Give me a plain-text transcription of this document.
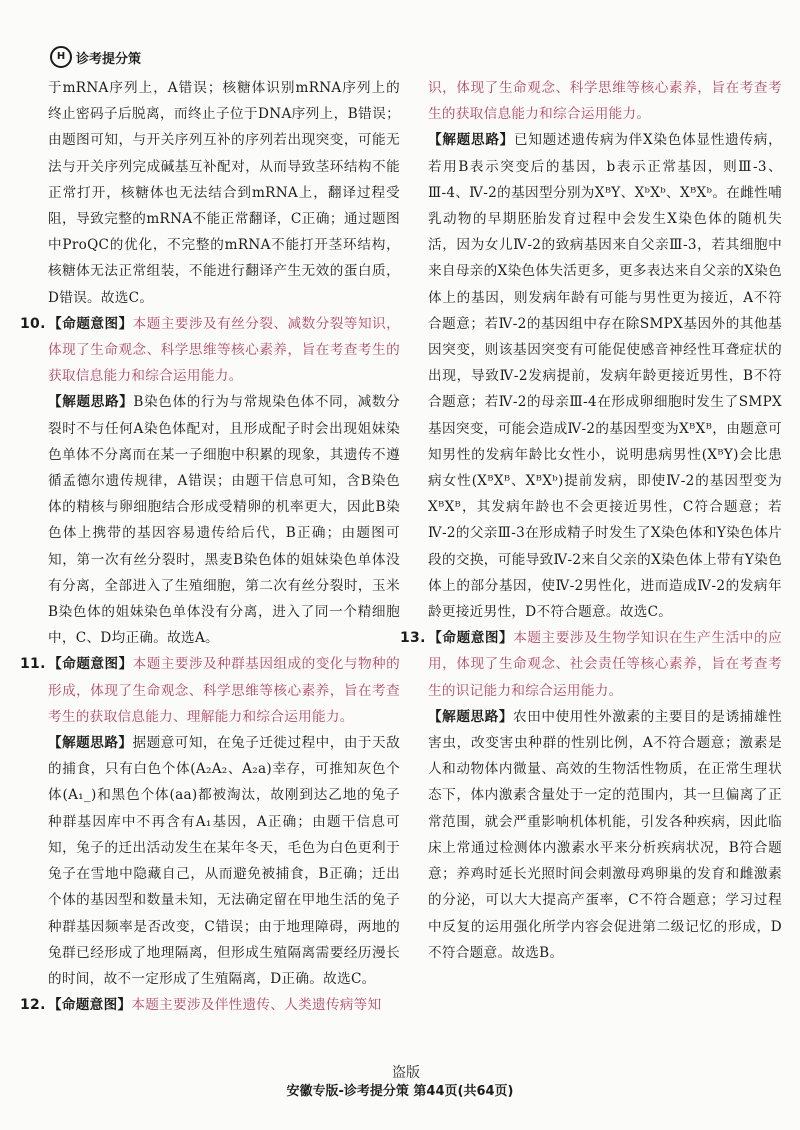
H 诊考提分策

于mRNA序列上，A错误；核糖体识别mRNA序列上的终止密码子后脱离，而终止子位于DNA序列上，B错误；由题图可知，与开关序列互补的序列若出现突变，可能无法与开关序列完成碱基互补配对，从而导致茎环结构不能正常打开，核糖体也无法结合到mRNA上，翻译过程受阻，导致完整的mRNA不能正常翻译，C正确；通过题图中ProQC的优化，不完整的mRNA不能打开茎环结构，核糖体无法正常组装，不能进行翻译产生无效的蛋白质，D错误。故选C。

10. 【命题意图】本题主要涉及有丝分裂、减数分裂等知识，体现了生命观念、科学思维等核心素养，旨在考查考生的获取信息能力和综合运用能力。

【解题思路】B染色体的行为与常规染色体不同，减数分裂时不与任何A染色体配对，且形成配子时会出现姐妹染色单体不分离而在某一子细胞中积累的现象，其遗传不遵循孟德尔遗传规律，A错误；由题干信息可知，含B染色体的精核与卵细胞结合形成受精卵的机率更大，因此B染色体上携带的基因容易遗传给后代，B正确；由题图可知，第一次有丝分裂时，黑麦B染色体的姐妹染色单体没有分离，全部进入了生殖细胞，第二次有丝分裂时，玉米B染色体的姐妹染色单体没有分离，进入了同一个精细胞中，C、D均正确。故选A。

11. 【命题意图】本题主要涉及种群基因组成的变化与物种的形成，体现了生命观念、科学思维等核心素养，旨在考查考生的获取信息能力、理解能力和综合运用能力。

【解题思路】据题意可知，在兔子迁徙过程中，由于天敌的捕食，只有白色个体(A₂A₂、A₂a)幸存，可推知灰色个体(A₁_)和黑色个体(aa)都被淘汰，故刚到达乙地的兔子种群基因库中不再含有A₁基因，A正确；由题干信息可知，兔子的迁出活动发生在某年冬天，毛色为白色更利于兔子在雪地中隐藏自己，从而避免被捕食，B正确；迁出个体的基因型和数量未知，无法确定留在甲地生活的兔子种群基因频率是否改变，C错误；由于地理障碍，两地的兔群已经形成了地理隔离，但形成生殖隔离需要经历漫长的时间，故不一定形成了生殖隔离，D正确。故选C。

12. 【命题意图】本题主要涉及伴性遗传、人类遗传病等知

识，体现了生命观念、科学思维等核心素养，旨在考查考生的获取信息能力和综合运用能力。

【解题思路】已知题述遗传病为伴X染色体显性遗传病，若用B表示突变后的基因，b表示正常基因，则Ⅲ-3、Ⅲ-4、Ⅳ-2的基因型分别为XᴮY、XᵇXᵇ、XᴮXᵇ。在雌性哺乳动物的早期胚胎发育过程中会发生X染色体的随机失活，因为女儿Ⅳ-2的致病基因来自父亲Ⅲ-3，若其细胞中来自母亲的X染色体失活更多，更多表达来自父亲的X染色体上的基因，则发病年龄有可能与男性更为接近，A不符合题意；若Ⅳ-2的基因组中存在除SMPX基因外的其他基因突变，则该基因突变有可能促使感音神经性耳聋症状的出现，导致Ⅳ-2发病提前，发病年龄更接近男性，B不符合题意；若Ⅳ-2的母亲Ⅲ-4在形成卵细胞时发生了SMPX基因突变，可能会造成Ⅳ-2的基因型变为XᴮXᴮ，由题意可知男性的发病年龄比女性小，说明患病男性(XᴮY)会比患病女性(XᴮXᴮ、XᴮXᵇ)提前发病，即使Ⅳ-2的基因型变为XᴮXᴮ，其发病年龄也不会更接近男性，C符合题意；若Ⅳ-2的父亲Ⅲ-3在形成精子时发生了X染色体和Y染色体片段的交换，可能导致Ⅳ-2来自父亲的X染色体上带有Y染色体上的部分基因，使Ⅳ-2男性化，进而造成Ⅳ-2的发病年龄更接近男性，D不符合题意。故选C。

13. 【命题意图】本题主要涉及生物学知识在生产生活中的应用，体现了生命观念、社会责任等核心素养，旨在考查考生的识记能力和综合运用能力。

【解题思路】农田中使用性外激素的主要目的是诱捕雄性害虫，改变害虫种群的性别比例，A不符合题意；激素是人和动物体内微量、高效的生物活性物质，在正常生理状态下，体内激素含量处于一定的范围内，其一旦偏离了正常范围，就会严重影响机体机能，引发各种疾病，因此临床上常通过检测体内激素水平来分析疾病状况，B符合题意；养鸡时延长光照时间会刺激母鸡卵巢的发育和雌激素的分泌，可以大大提高产蛋率，C不符合题意；学习过程中反复的运用强化所学内容会促进第二级记忆的形成，D不符合题意。故选B。

盗版
安徽专版-诊考提分策 第44页(共64页)
